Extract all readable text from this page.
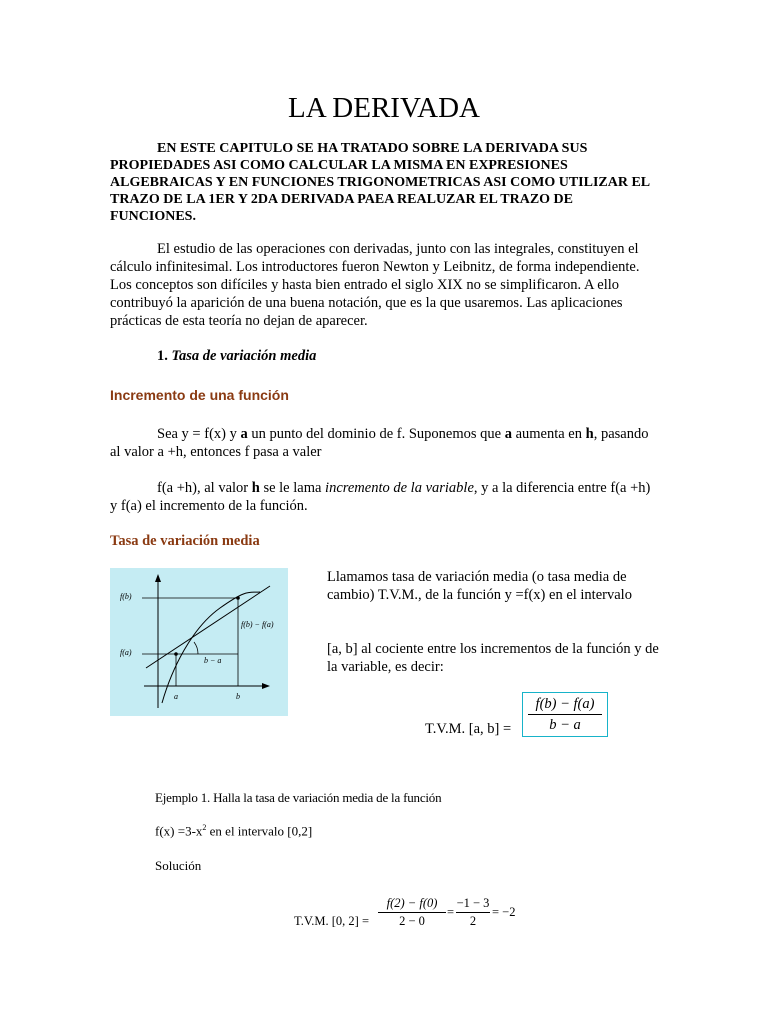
LA DERIVADA
EN ESTE CAPITULO SE HA TRATADO SOBRE LA DERIVADA SUS PROPIEDADES ASI COMO CALCULAR LA MISMA EN EXPRESIONES ALGEBRAICAS Y EN FUNCIONES TRIGONOMETRICAS ASI COMO UTILIZAR EL TRAZO DE LA 1ER Y 2DA DERIVADA PAEA REALUZAR EL TRAZO DE FUNCIONES.
El estudio de las operaciones con derivadas, junto con las integrales, constituyen el cálculo infinitesimal. Los introductores fueron Newton y Leibnitz, de forma independiente. Los conceptos son difíciles y hasta bien entrado el siglo XIX no se simplificaron. A ello contribuyó la aparición de una buena notación, que es la que usaremos. Las aplicaciones prácticas de esta teoría no dejan de aparecer.
1. Tasa de variación media
Incremento de una función
Sea y = f(x) y a un punto del dominio de f. Suponemos que a aumenta en h, pasando al valor a +h, entonces f pasa a valer
f(a +h), al valor h se le lama incremento de la variable, y a la diferencia entre f(a +h) y f(a) el incremento de la función.
Tasa de variación media
f(b)
f(a)
f(b) − f(a)
b − a
a	b
Llamamos tasa de variación media (o tasa media de cambio) T.V.M., de la función y =f(x) en el intervalo
[a, b] al cociente entre los incrementos de la función y de la variable, es decir:
T.V.M. [a, b] =
f(b) − f(a)
b − a
Ejemplo 1. Halla la tasa de variación media de la función
$f(x) =3-x^2$ en el intervalo [0,2]
Solución
T.V.M. [0, 2] =
f(2) − f(0)
2 − 0
=
−1 − 3
2
= −2
